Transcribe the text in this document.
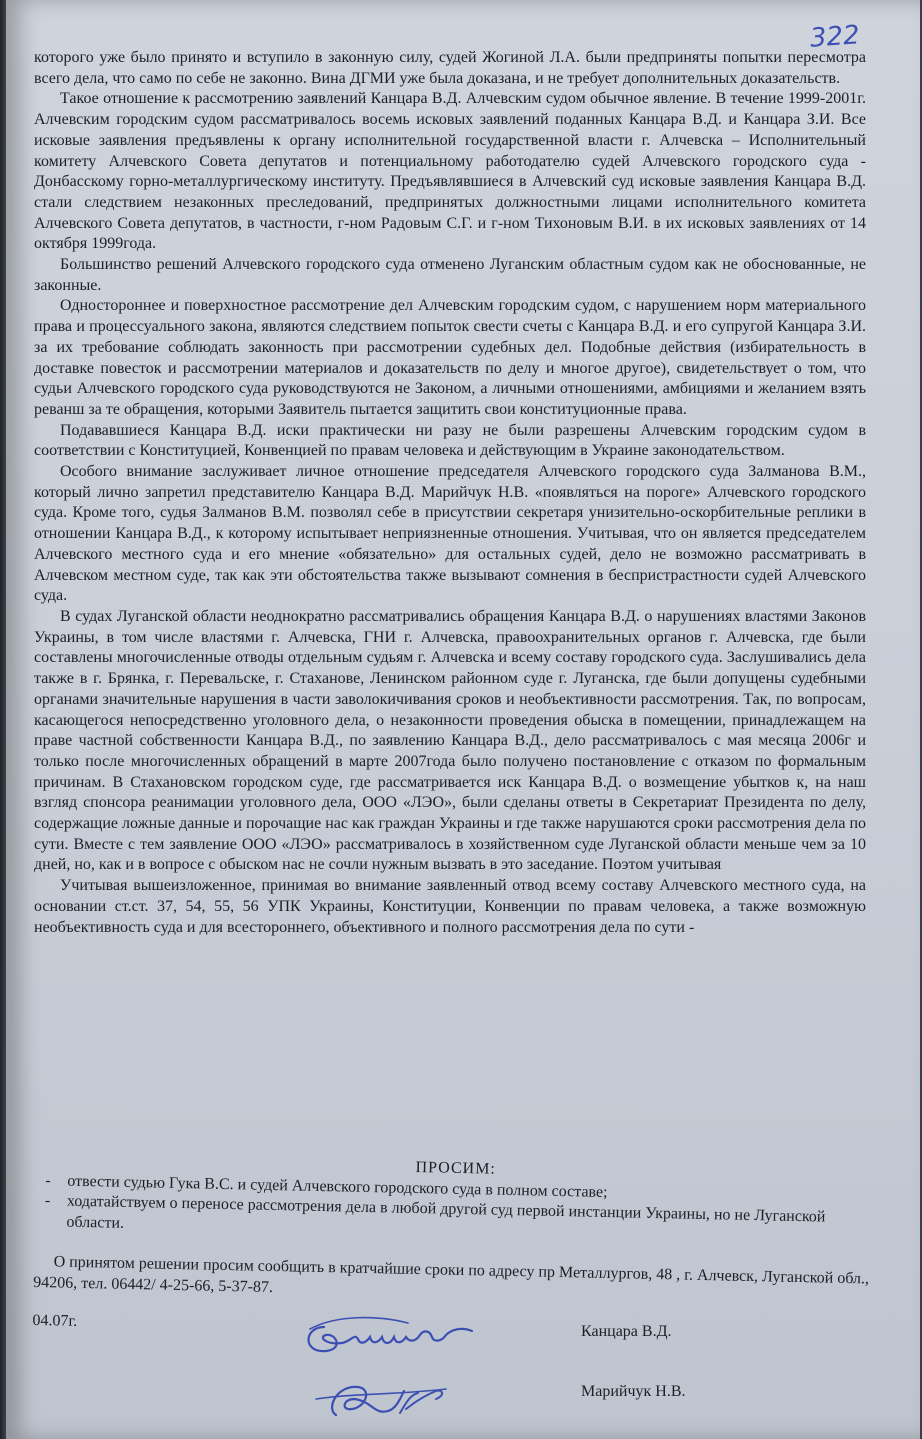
322

которого уже было принято и вступило в законную силу, судей Жогиной Л.А. были предприняты попытки пересмотра всего дела, что само по себе не законно. Вина ДГМИ уже была доказана, и не требует дополнительных доказательств.

Такое отношение к рассмотрению заявлений Канцара В.Д. Алчевским судом обычное явление. В течение 1999-2001г. Алчевским городским судом рассматривалось восемь исковых заявлений поданных Канцара В.Д. и Канцара З.И. Все исковые заявления предъявлены к органу исполнительной государственной власти г. Алчевска – Исполнительный комитету Алчевского Совета депутатов и потенциальному работодателю судей Алчевского городского суда - Донбасскому горно-металлургическому институту. Предъявлявшиеся в Алчевский суд исковые заявления Канцара В.Д. стали следствием незаконных преследований, предпринятых должностными лицами исполнительного комитета Алчевского Совета депутатов, в частности, г-ном Радовым С.Г. и г-ном Тихоновым В.И. в их исковых заявлениях от 14 октября 1999года.

Большинство решений Алчевского городского суда отменено Луганским областным судом как не обоснованные, не законные.

Одностороннее и поверхностное рассмотрение дел Алчевским городским судом, с нарушением норм материального права и процессуального закона, являются следствием попыток свести счеты с Канцара В.Д. и его супругой Канцара З.И. за их требование соблюдать законность при рассмотрении судебных дел. Подобные действия (избирательность в доставке повесток и рассмотрении материалов и доказательств по делу и многое другое), свидетельствует о том, что судьи Алчевского городского суда руководствуются не Законом, а личными отношениями, амбициями и желанием взять реванш за те обращения, которыми Заявитель пытается защитить свои конституционные права.

Подававшиеся Канцара В.Д. иски практически ни разу не были разрешены Алчевским городским судом в соответствии с Конституцией, Конвенцией по правам человека и действующим в Украине законодательством.

Особого внимание заслуживает личное отношение председателя Алчевского городского суда Залманова В.М., который лично запретил представителю Канцара В.Д. Марийчук Н.В. «появляться на пороге» Алчевского городского суда. Кроме того, судья Залманов В.М. позволял себе в присутствии секретаря унизительно-оскорбительные реплики в отношении Канцара В.Д., к которому испытывает неприязненные отношения. Учитывая, что он является председателем Алчевского местного суда и его мнение «обязательно» для остальных судей, дело не возможно рассматривать в Алчевском местном суде, так как эти обстоятельства также вызывают сомнения в беспристрастности судей Алчевского суда.

В судах Луганской области неоднократно рассматривались обращения Канцара В.Д. о нарушениях властями Законов Украины, в том числе властями г. Алчевска, ГНИ г. Алчевска, правоохранительных органов г. Алчевска, где были составлены многочисленные отводы отдельным судьям г. Алчевска и всему составу городского суда. Заслушивались дела также в г. Брянка, г. Перевальске, г. Стаханове, Ленинском районном суде г. Луганска, где были допущены судебными органами значительные нарушения в части заволокичивания сроков и необъективности рассмотрения. Так, по вопросам, касающегося непосредственно уголовного дела, о незаконности проведения обыска в помещении, принадлежащем на праве частной собственности Канцара В.Д., по заявлению Канцара В.Д., дело рассматривалось с мая месяца 2006г и только после многочисленных обращений в марте 2007года было получено постановление с отказом по формальным причинам. В Стахановском городском суде, где рассматривается иск Канцара В.Д. о возмещение убытков к, на наш взгляд спонсора реанимации уголовного дела, ООО «ЛЭО», были сделаны ответы в Секретариат Президента по делу, содержащие ложные данные и порочащие нас как граждан Украины и где также нарушаются сроки рассмотрения дела по сути. Вместе с тем заявление ООО «ЛЭО» рассматривалось в хозяйственном суде Луганской области меньше чем за 10 дней, но, как и в вопросе с обыском нас не сочли нужным вызвать в это заседание. Поэтом учитывая

Учитывая вышеизложенное, принимая во внимание заявленный отвод всему составу Алчевского местного суда, на основании ст.ст. 37, 54, 55, 56 УПК Украины, Конституции, Конвенции по правам человека, а также возможную необъективность суда и для всестороннего, объективного и полного рассмотрения дела по сути -

ПРОСИМ:
- отвести судью Гука В.С. и судей Алчевского городского суда в полном составе;
- ходатайствуем о переносе рассмотрения дела в любой другой суд первой инстанции Украины, но не Луганской области.
О принятом решении просим сообщить в кратчайшие сроки по адресу пр Металлургов, 48 , г. Алчевск, Луганской обл., 94206, тел. 06442/ 4-25-66, 5-37-87.
04.07г.
Канцара В.Д.
Марийчук Н.В.
